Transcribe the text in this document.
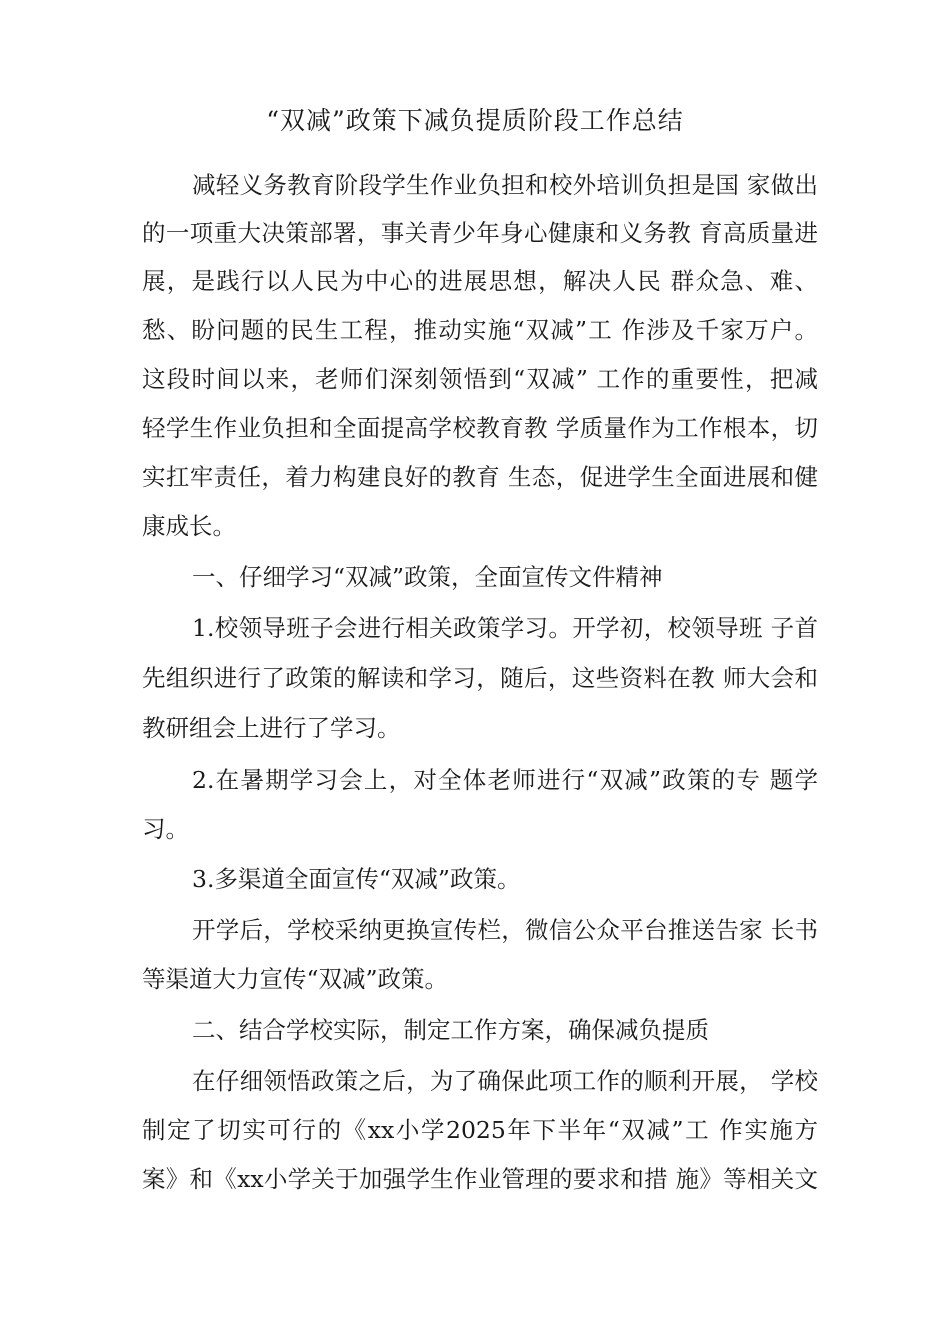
“双减”政策下减负提质阶段工作总结
减轻义务教育阶段学生作业负担和校外培训负担是国 家做出
的一项重大决策部署，事关青少年身心健康和义务教 育高质量进
展，是践行以人民为中心的进展思想，解决人民 群众急、难、
愁、盼问题的民生工程，推动实施“双减”工 作涉及千家万户。
这段时间以来，老师们深刻领悟到“双减” 工作的重要性，把减
轻学生作业负担和全面提高学校教育教 学质量作为工作根本，切
实扛牢责任，着力构建良好的教育 生态，促进学生全面进展和健
康成长。
一、仔细学习“双减”政策，全面宣传文件精神
1.校领导班子会进行相关政策学习。开学初，校领导班 子首
先组织进行了政策的解读和学习，随后，这些资料在教 师大会和
教研组会上进行了学习。
2.在暑期学习会上，对全体老师进行“双减”政策的专 题学
习。
3.多渠道全面宣传“双减”政策。
开学后，学校采纳更换宣传栏，微信公众平台推送告家 长书
等渠道大力宣传“双减”政策。
二、结合学校实际，制定工作方案，确保减负提质
在仔细领悟政策之后，为了确保此项工作的顺利开展， 学校
制定了切实可行的《xx小学2025年下半年“双减”工 作实施方
案》和《xx小学关于加强学生作业管理的要求和措 施》等相关文
